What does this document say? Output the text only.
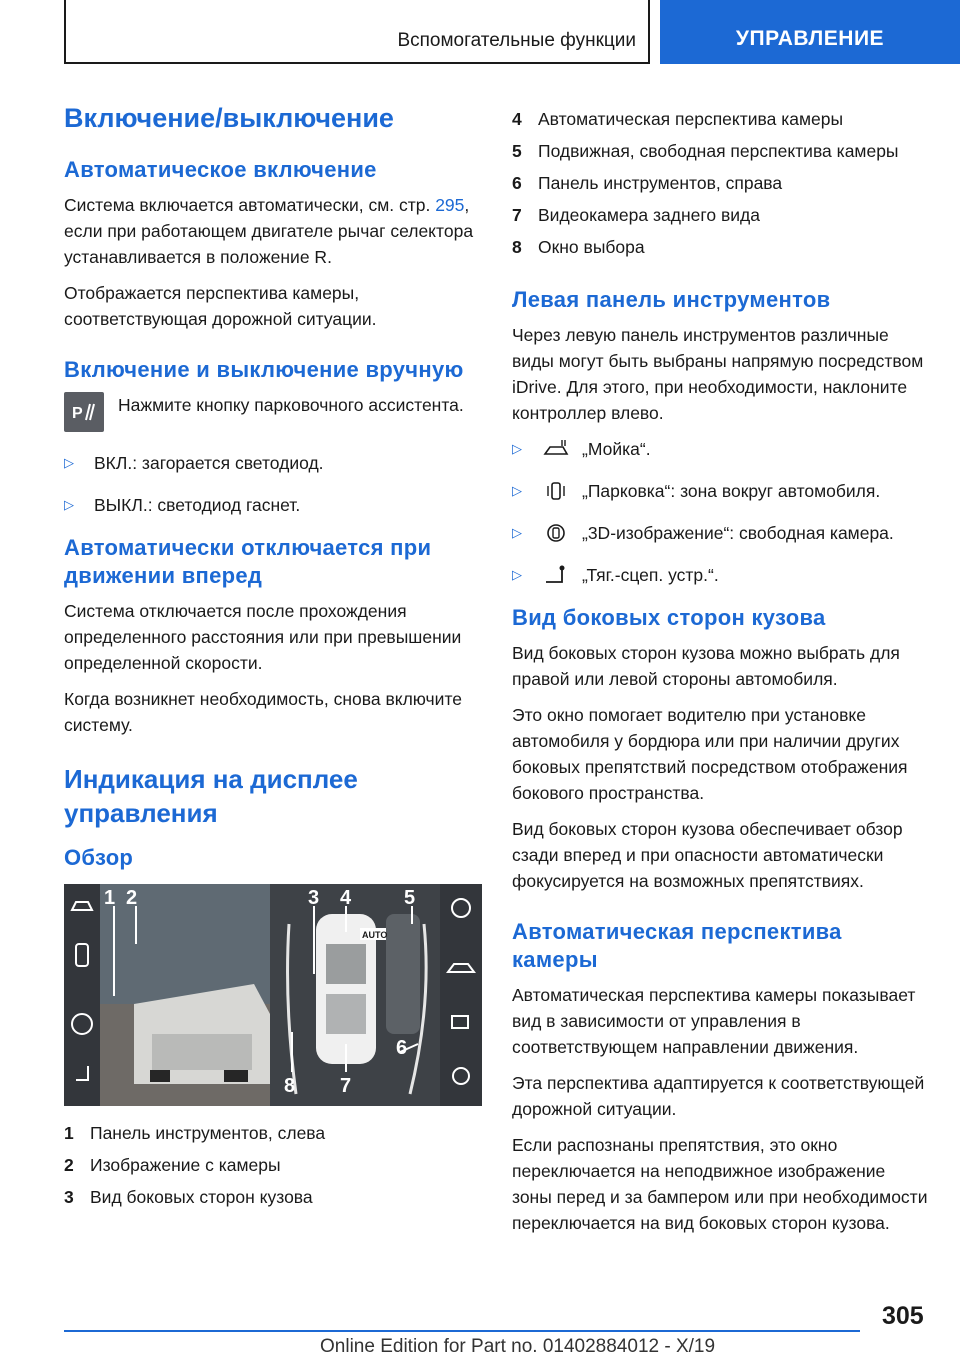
Вспомогательные функции	УПРАВЛЕНИЕ
Включение/выключение
Автоматическое включение

Система включается автоматически, см. стр. 295, если при работающем двигателе рычаг селектора устанавливается в положение R.

Отображается перспектива камеры, соответствующая дорожной ситуации.

Включение и выключение вручную
P Нажмите кнопку парковочного ассистента.

▷	ВКЛ.: загорается светодиод.
▷	ВЫКЛ.: светодиод гаснет.
Автоматически отключается при движении вперед

Система отключается после прохождения определенного расстояния или при превышении определенной скорости.

Когда возникнет необходимость, снова включите систему.

Индикация на дисплее управления
Обзор
1 2	3 4	5
6
7
8
AUTO
1 Панель инструментов, слева
2 Изображение с камеры
3 Вид боковых сторон кузова
4 Автоматическая перспектива камеры
5 Подвижная, свободная перспектива камеры
6 Панель инструментов, справа
7 Видеокамера заднего вида
8 Окно выбора
Левая панель инструментов

Через левую панель инструментов различные виды могут быть выбраны напрямую посредством iDrive. Для этого, при необходимости, наклоните контроллер влево.

▷	„Мойка“.
▷	„Парковка“: зона вокруг автомобиля.
▷	„3D-изображение“: свободная камера.
▷	„Тяг.-сцеп. устр.“.
Вид боковых сторон кузова

Вид боковых сторон кузова можно выбрать для правой или левой стороны автомобиля.

Это окно помогает водителю при установке автомобиля у бордюра или при наличии других боковых препятствий посредством отображения бокового пространства.

Вид боковых сторон кузова обеспечивает обзор сзади вперед и при опасности автоматически фокусируется на возможных препятствиях.

Автоматическая перспектива камеры

Автоматическая перспектива камеры показывает вид в зависимости от управления в соответствующем направлении движения.

Эта перспектива адаптируется к соответствующей дорожной ситуации.

Если распознаны препятствия, это окно переключается на неподвижное изображение зоны перед и за бампером или при необходимости переключается на вид боковых сторон кузова.

305
Online Edition for Part no. 01402884012 - X/19
